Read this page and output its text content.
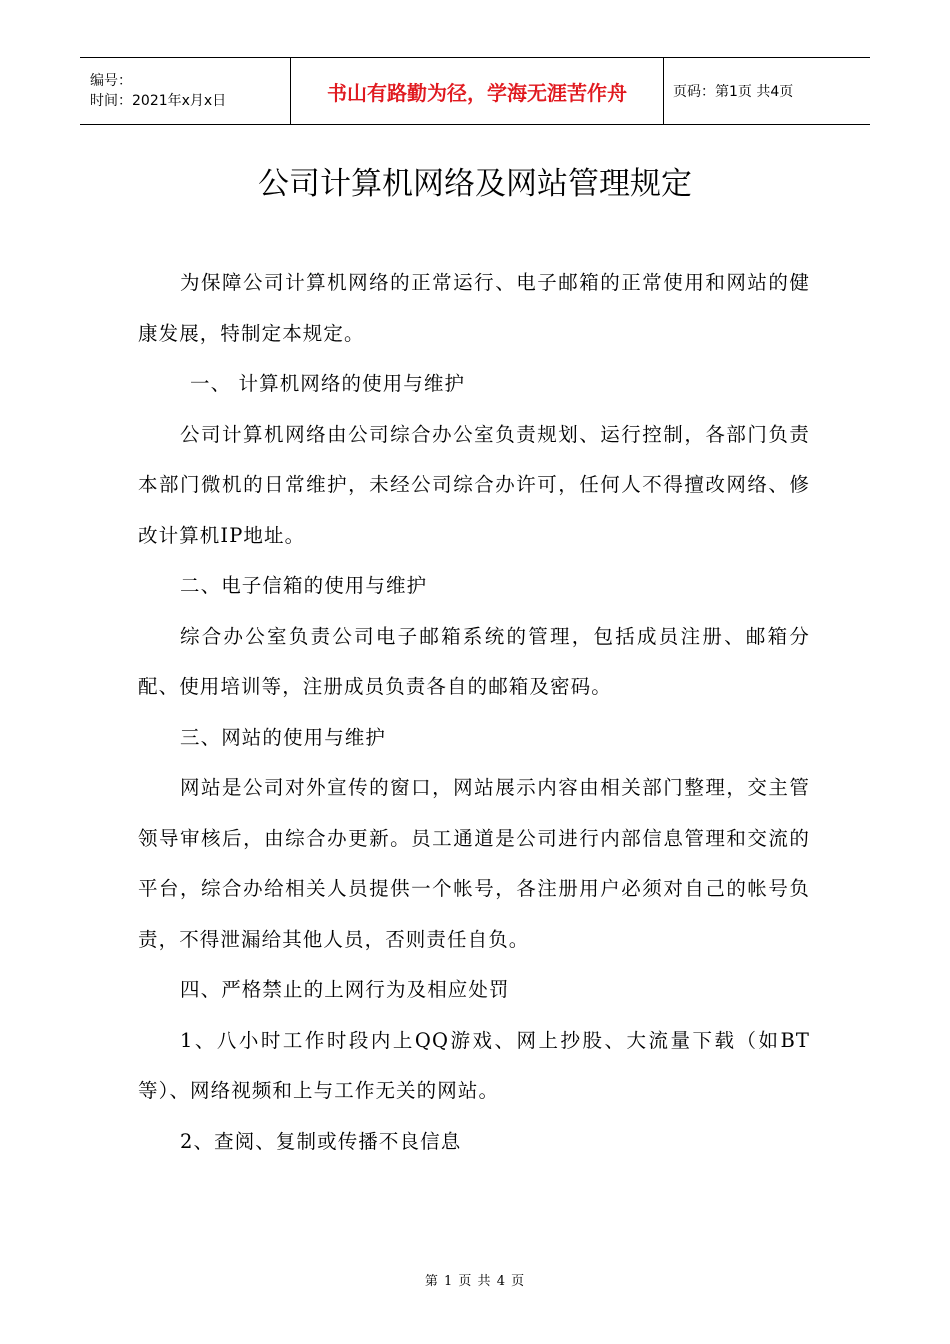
编号：
时间：2021年x月x日	书山有路勤为径，学海无涯苦作舟	页码：第1页 共4页
公司计算机网络及网站管理规定

为保障公司计算机网络的正常运行、电子邮箱的正常使用和网站的健康发展，特制定本规定。

一、 计算机网络的使用与维护

公司计算机网络由公司综合办公室负责规划、运行控制，各部门负责本部门微机的日常维护，未经公司综合办许可，任何人不得擅改网络、修改计算机IP地址。

二、电子信箱的使用与维护

综合办公室负责公司电子邮箱系统的管理，包括成员注册、邮箱分配、使用培训等，注册成员负责各自的邮箱及密码。

三、网站的使用与维护

网站是公司对外宣传的窗口，网站展示内容由相关部门整理，交主管领导审核后，由综合办更新。员工通道是公司进行内部信息管理和交流的平台，综合办给相关人员提供一个帐号，各注册用户必须对自己的帐号负责，不得泄漏给其他人员，否则责任自负。

四、严格禁止的上网行为及相应处罚

1、八小时工作时段内上QQ游戏、网上抄股、大流量下载（如BT等）、网络视频和上与工作无关的网站。

2、查阅、复制或传播不良信息

第 1 页 共 4 页
